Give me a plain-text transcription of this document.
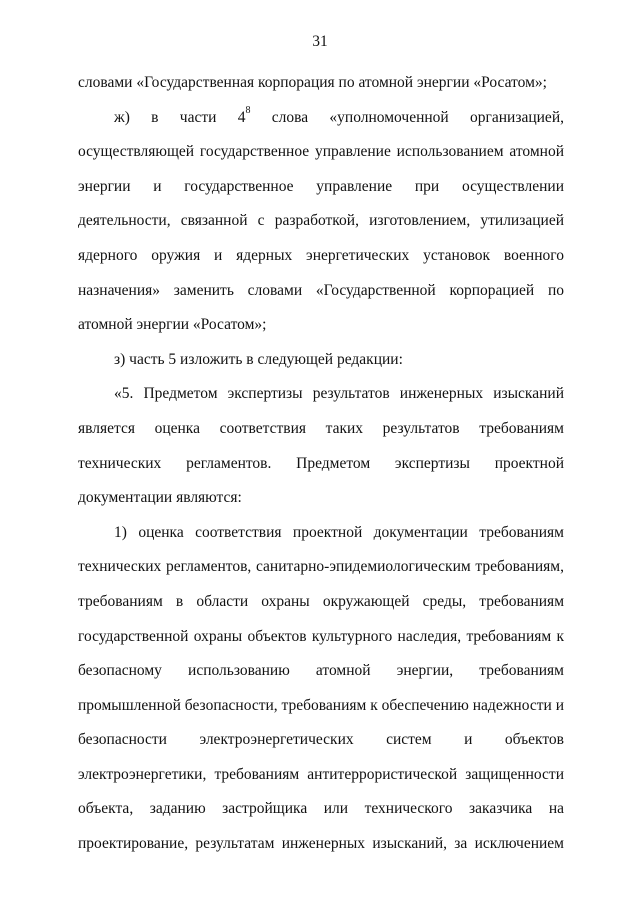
31

словами «Государственная корпорация по атомной энергии «Росатом»;

ж) в части $4^8$ слова «уполномоченной организацией, осуществляющей государственное управление использованием атомной энергии и государственное управление при осуществлении деятельности, связанной с разработкой, изготовлением, утилизацией ядерного оружия и ядерных энергетических установок военного назначения» заменить словами «Государственной корпорацией по атомной энергии «Росатом»;

з) часть 5 изложить в следующей редакции:

«5. Предметом экспертизы результатов инженерных изысканий является оценка соответствия таких результатов требованиям технических регламентов. Предметом экспертизы проектной документации являются:

1) оценка соответствия проектной документации требованиям технических регламентов, санитарно-эпидемиологическим требованиям, требованиям в области охраны окружающей среды, требованиям государственной охраны объектов культурного наследия, требованиям к безопасному использованию атомной энергии, требованиям промышленной безопасности, требованиям к обеспечению надежности и безопасности электроэнергетических систем и объектов электроэнергетики, требованиям антитеррористической защищенности объекта, заданию застройщика или технического заказчика на проектирование, результатам инженерных изысканий, за исключением
